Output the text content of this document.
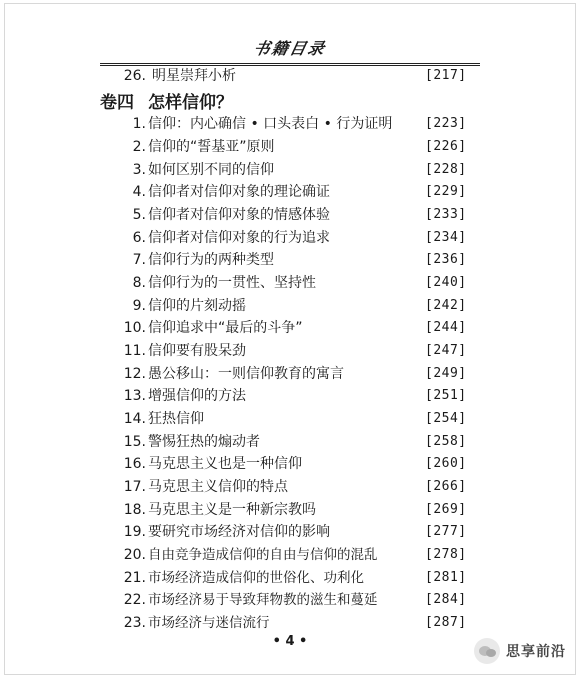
书籍目录
卷四 怎样信仰？
26. 明星崇拜小析	[217]
1. 信仰：内心确信 • 口头表白 • 行为证明	[223]
2. 信仰的“誓基亚”原则	[226]
3. 如何区别不同的信仰	[228]
4. 信仰者对信仰对象的理论确证	[229]
5. 信仰者对信仰对象的情感体验	[233]
6. 信仰者对信仰对象的行为追求	[234]
7. 信仰行为的两种类型	[236]
8. 信仰行为的一贯性、坚持性	[240]
9. 信仰的片刻动摇	[242]
10. 信仰追求中“最后的斗争”	[244]
11. 信仰要有股呆劲	[247]
12. 愚公移山：一则信仰教育的寓言	[249]
13. 增强信仰的方法	[251]
14. 狂热信仰	[254]
15. 警惕狂热的煽动者	[258]
16. 马克思主义也是一种信仰	[260]
17. 马克思主义信仰的特点	[266]
18. 马克思主义是一种新宗教吗	[269]
19. 要研究市场经济对信仰的影响	[277]
20. 自由竞争造成信仰的自由与信仰的混乱	[278]
21. 市场经济造成信仰的世俗化、功利化	[281]
22. 市场经济易于导致拜物教的滋生和蔓延	[284]
23. 市场经济与迷信流行	[287]
• 4 •
思享前沿
